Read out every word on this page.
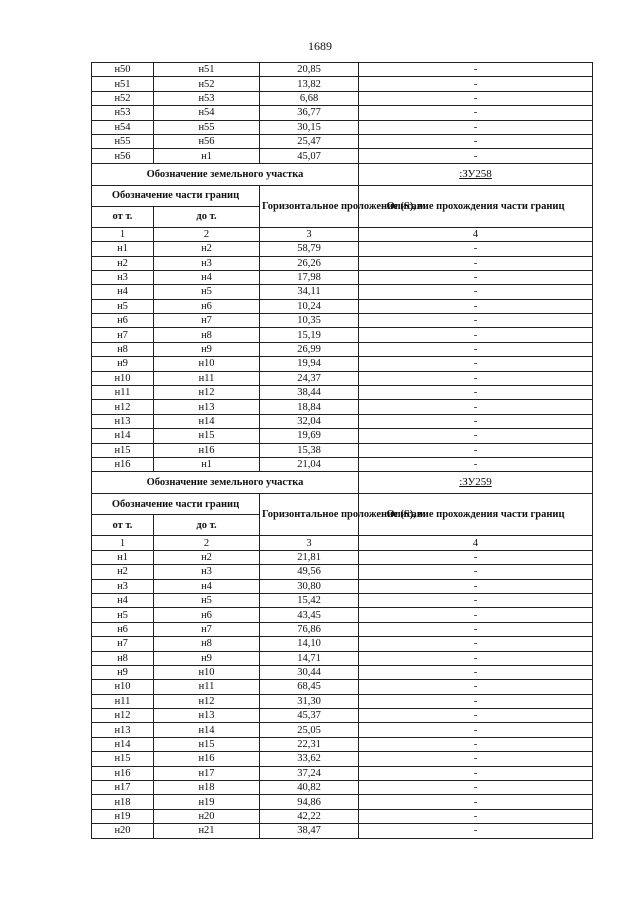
1689
н50	н51	20,85	-
н51	н52	13,82	-
н52	н53	6,68	-
н53	н54	36,77	-
н54	н55	30,15	-
н55	н56	25,47	-
н56	н1	45,07	-
Обозначение земельного участка			:ЗУ258
Обозначение части границ		Горизонтальное проложение (S), м	Описание прохождения части границ
от т.	до т.		
1	2	3	4
н1	н2	58,79	-
н2	н3	26,26	-
н3	н4	17,98	-
н4	н5	34,11	-
н5	н6	10,24	-
н6	н7	10,35	-
н7	н8	15,19	-
н8	н9	26,99	-
н9	н10	19,94	-
н10	н11	24,37	-
н11	н12	38,44	-
н12	н13	18,84	-
н13	н14	32,04	-
н14	н15	19,69	-
н15	н16	15,38	-
н16	н1	21,04	-
Обозначение земельного участка			:ЗУ259
Обозначение части границ		Горизонтальное проложение (S), м	Описание прохождения части границ
от т.	до т.		
1	2	3	4
н1	н2	21,81	-
н2	н3	49,56	-
н3	н4	30,80	-
н4	н5	15,42	-
н5	н6	43,45	-
н6	н7	76,86	-
н7	н8	14,10	-
н8	н9	14,71	-
н9	н10	30,44	-
н10	н11	68,45	-
н11	н12	31,30	-
н12	н13	45,37	-
н13	н14	25,05	-
н14	н15	22,31	-
н15	н16	33,62	-
н16	н17	37,24	-
н17	н18	40,82	-
н18	н19	94,86	-
н19	н20	42,22	-
н20	н21	38,47	-
